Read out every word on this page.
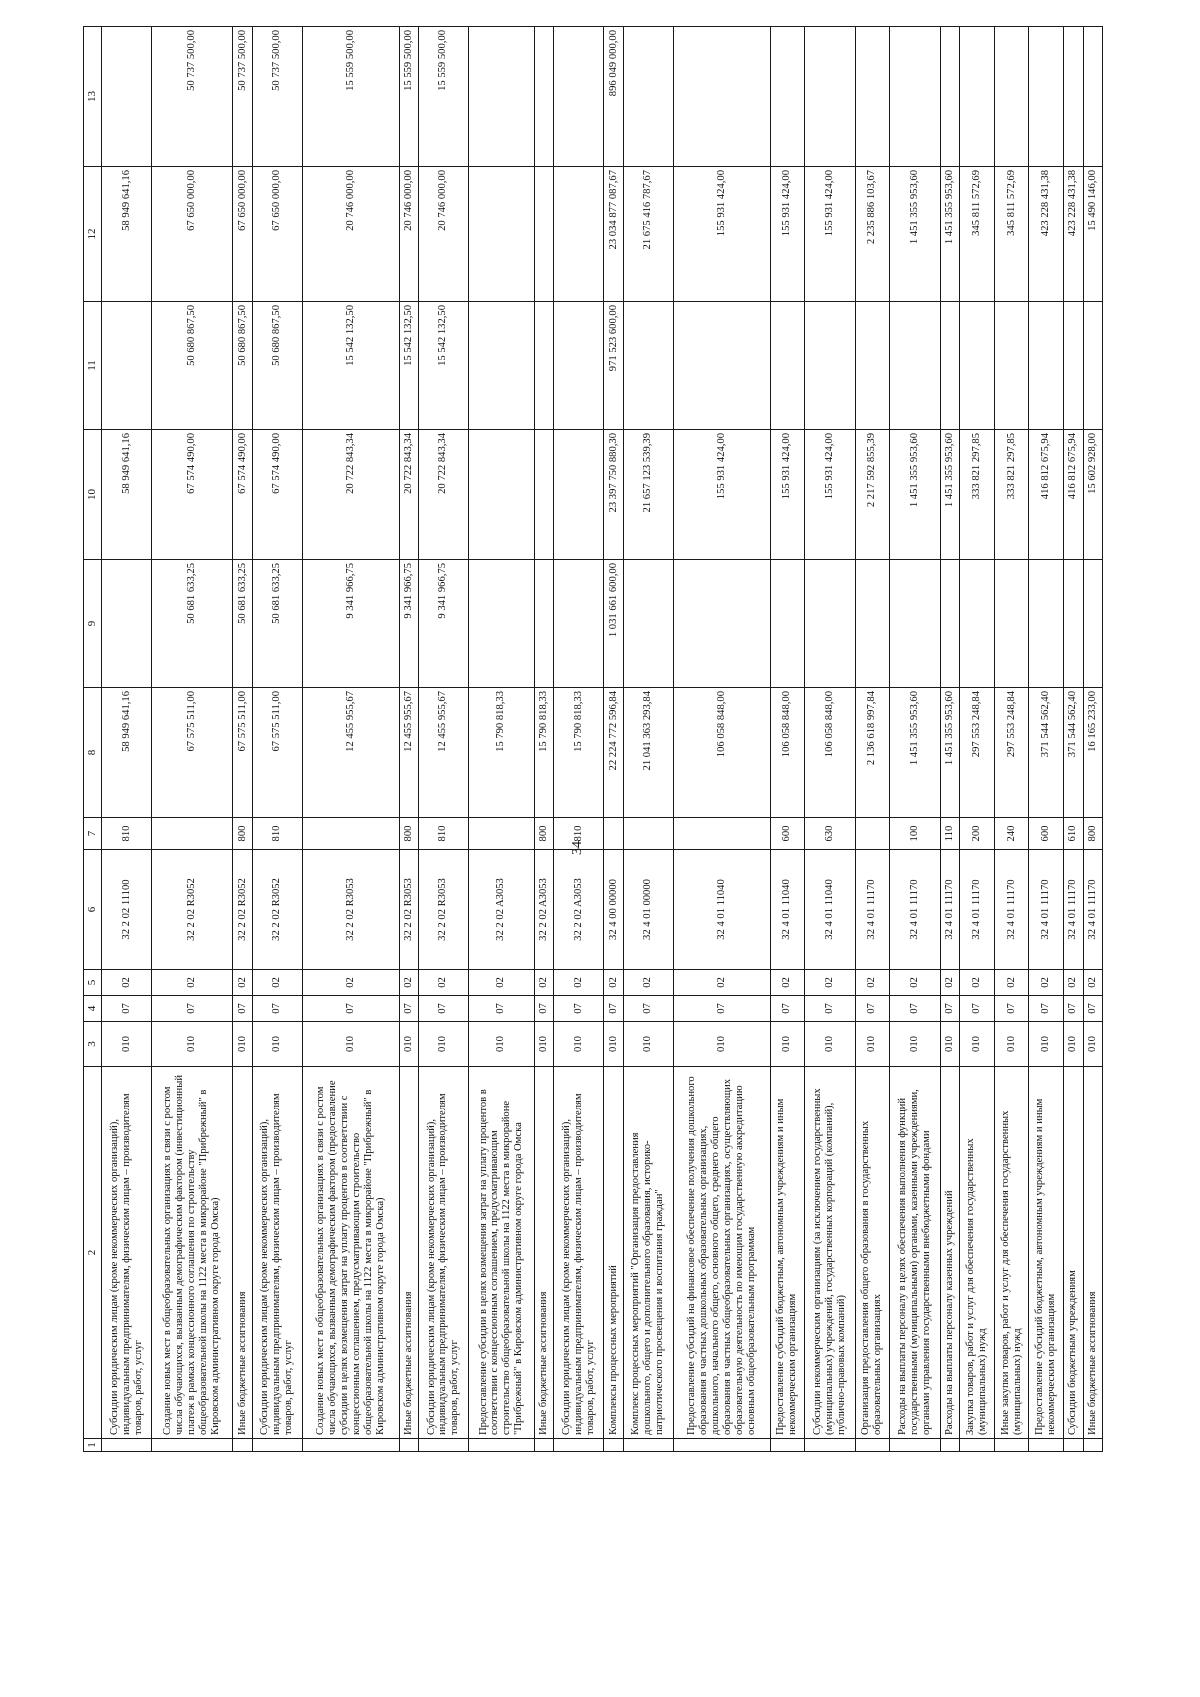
34
1	2	3	4	5	6	7	8	9	10	11	12	13
	Субсидии юридическим лицам (кроме некоммерческих организаций), индивидуальным предпринимателям, физическим лицам – производителям товаров, работ, услуг	010	07	02	32 2 02 11100	810	58 949 641,16		58 949 641,16		58 949 641,16	
	Создание новых мест в общеобразовательных организациях в связи с ростом числа обучающихся, вызванным демографическим фактором (инвестиционный платеж в рамках концессионного соглашения по строительству общеобразовательной школы на 1122 места в микрорайоне "Прибрежный" в Кировском административном округе города Омска)	010	07	02	32 2 02 R3052		67 575 511,00	50 681 633,25	67 574 490,00	50 680 867,50	67 650 000,00	50 737 500,00
	Иные бюджетные ассигнования	010	07	02	32 2 02 R3052	800	67 575 511,00	50 681 633,25	67 574 490,00	50 680 867,50	67 650 000,00	50 737 500,00
	Субсидии юридическим лицам (кроме некоммерческих организаций), индивидуальным предпринимателям, физическим лицам – производителям товаров, работ, услуг	010	07	02	32 2 02 R3052	810	67 575 511,00	50 681 633,25	67 574 490,00	50 680 867,50	67 650 000,00	50 737 500,00
	Создание новых мест в общеобразовательных организациях в связи с ростом числа обучающихся, вызванным демографическим фактором (предоставление субсидии в целях возмещения затрат на уплату процентов в соответствии с концессионным соглашением, предусматривающим строительство общеобразовательной школы на 1122 места в микрорайоне "Прибрежный" в Кировском административном округе города Омска)	010	07	02	32 2 02 R3053		12 455 955,67	9 341 966,75	20 722 843,34	15 542 132,50	20 746 000,00	15 559 500,00
	Иные бюджетные ассигнования	010	07	02	32 2 02 R3053	800	12 455 955,67	9 341 966,75	20 722 843,34	15 542 132,50	20 746 000,00	15 559 500,00
	Субсидии юридическим лицам (кроме некоммерческих организаций), индивидуальным предпринимателям, физическим лицам – производителям товаров, работ, услуг	010	07	02	32 2 02 R3053	810	12 455 955,67	9 341 966,75	20 722 843,34	15 542 132,50	20 746 000,00	15 559 500,00
	Предоставление субсидии в целях возмещения затрат на уплату процентов в соответствии с концессионным соглашением, предусматривающим строительство общеобразовательной школы на 1122 места в микрорайоне "Прибрежный" в Кировском административном округе города Омска	010	07	02	32 2 02 A3053		15 790 818,33					
	Иные бюджетные ассигнования	010	07	02	32 2 02 A3053	800	15 790 818,33					
	Субсидии юридическим лицам (кроме некоммерческих организаций), индивидуальным предпринимателям, физическим лицам – производителям товаров, работ, услуг	010	07	02	32 2 02 A3053	810	15 790 818,33					
	Комплексы процессных мероприятий	010	07	02	32 4 00 00000		22 224 772 596,84	1 031 661 600,00	23 397 750 880,30	971 523 600,00	23 034 877 087,67	896 049 000,00
	Комплекс процессных мероприятий "Организация предоставления дошкольного, общего и дополнительного образования, историко-патриотического просвещения и воспитания граждан"	010	07	02	32 4 01 00000		21 041 363 293,84		21 657 123 539,39		21 675 416 787,67	
	Предоставление субсидий на финансовое обеспечение получения дошкольного образования в частных дошкольных образовательных организациях, дошкольного, начального общего, основного общего, среднего общего образования в частных общеобразовательных организациях, осуществляющих образовательную деятельность по имеющим государственную аккредитацию основным общеобразовательным программам	010	07	02	32 4 01 11040		106 058 848,00		155 931 424,00		155 931 424,00	
	Предоставление субсидий бюджетным, автономным учреждениям и иным некоммерческим организациям	010	07	02	32 4 01 11040	600	106 058 848,00		155 931 424,00		155 931 424,00	
	Субсидии некоммерческим организациям (за исключением государственных (муниципальных) учреждений, государственных корпораций (компаний), публично-правовых компаний)	010	07	02	32 4 01 11040	630	106 058 848,00		155 931 424,00		155 931 424,00	
	Организация предоставления общего образования в государственных образовательных организациях	010	07	02	32 4 01 11170		2 136 618 997,84		2 217 592 855,39		2 235 886 103,67	
	Расходы на выплаты персоналу в целях обеспечения выполнения функций государственными (муниципальными) органами, казенными учреждениями, органами управления государственными внебюджетными фондами	010	07	02	32 4 01 11170	100	1 451 355 953,60		1 451 355 953,60		1 451 355 953,60	
	Расходы на выплаты персоналу казенных учреждений	010	07	02	32 4 01 11170	110	1 451 355 953,60		1 451 355 953,60		1 451 355 953,60	
	Закупка товаров, работ и услуг для обеспечения государственных (муниципальных) нужд	010	07	02	32 4 01 11170	200	297 553 248,84		333 821 297,85		345 811 572,69	
	Иные закупки товаров, работ и услуг для обеспечения государственных (муниципальных) нужд	010	07	02	32 4 01 11170	240	297 553 248,84		333 821 297,85		345 811 572,69	
	Предоставление субсидий бюджетным, автономным учреждениям и иным некоммерческим организациям	010	07	02	32 4 01 11170	600	371 544 562,40		416 812 675,94		423 228 431,38	
	Субсидии бюджетным учреждениям	010	07	02	32 4 01 11170	610	371 544 562,40		416 812 675,94		423 228 431,38	
	Иные бюджетные ассигнования	010	07	02	32 4 01 11170	800	16 165 233,00		15 602 928,00		15 490 146,00	
